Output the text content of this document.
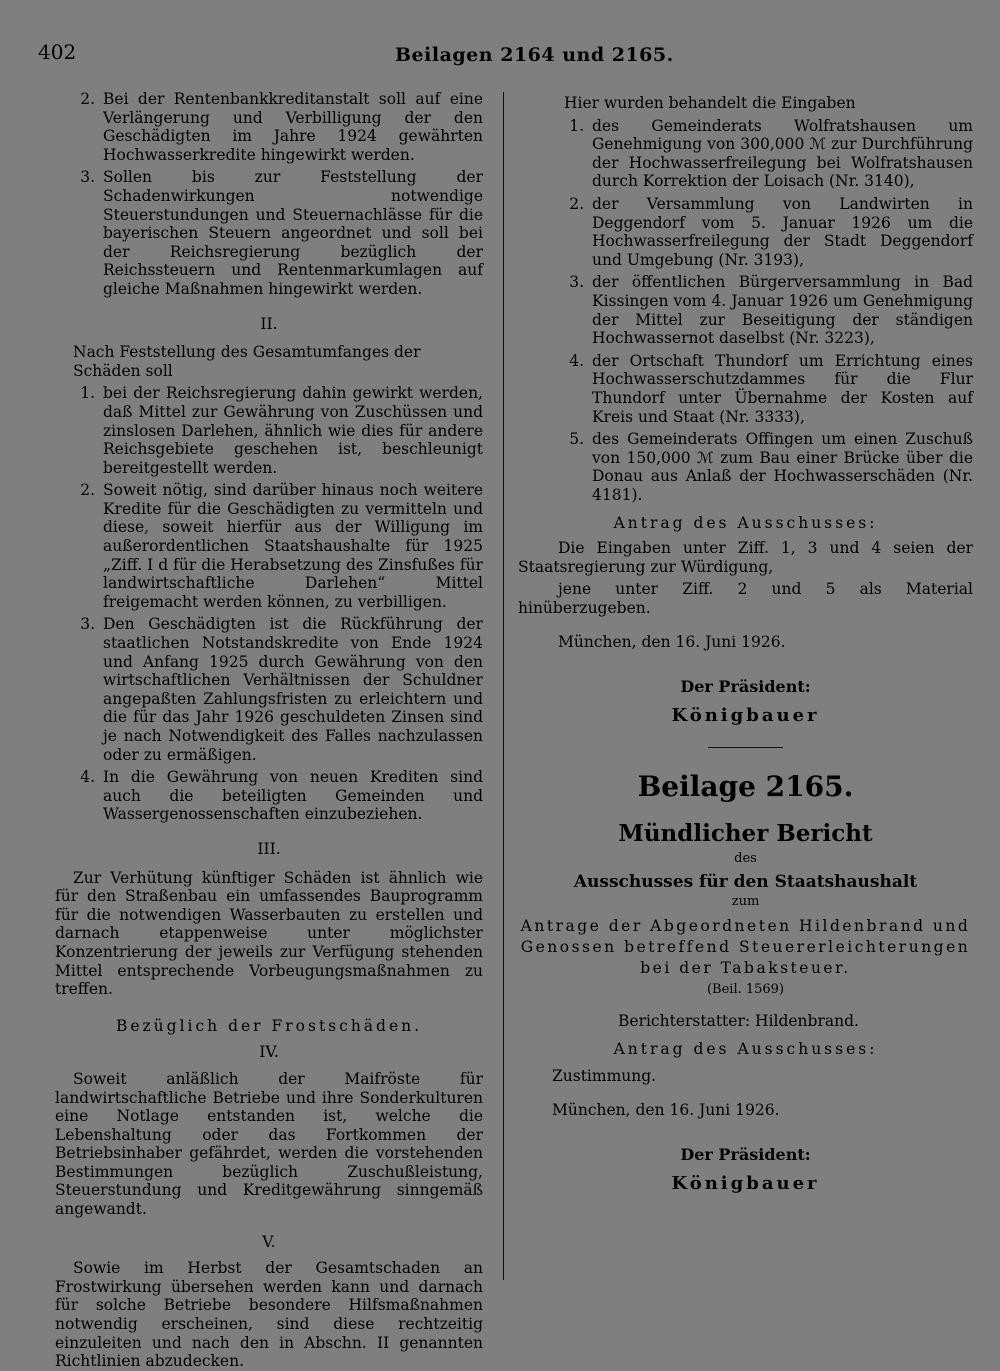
402	Beilagen 2164 und 2165.
2. Bei der Rentenbankkreditanstalt soll auf eine Verlängerung und Verbilligung der den Geschädigten im Jahre 1924 gewährten Hochwasserkredite hingewirkt werden.
3. Sollen bis zur Feststellung der Schadenwirkungen notwendige Steuerstundungen und Steuernachlässe für die bayerischen Steuern angeordnet und soll bei der Reichsregierung bezüglich der Reichssteuern und Rentenmarkumlagen auf gleiche Maßnahmen hingewirkt werden.
II.
Nach Feststellung des Gesamtumfanges der Schäden soll
1. bei der Reichsregierung dahin gewirkt werden, daß Mittel zur Gewährung von Zuschüssen und zinslosen Darlehen, ähnlich wie dies für andere Reichsgebiete geschehen ist, beschleunigt bereitgestellt werden.
2. Soweit nötig, sind darüber hinaus noch weitere Kredite für die Geschädigten zu vermitteln und diese, soweit hierfür aus der Willigung im außerordentlichen Staatshaushalte für 1925 „Ziff. I d für die Herabsetzung des Zinsfußes für landwirtschaftliche Darlehen“ Mittel freigemacht werden können, zu verbilligen.
3. Den Geschädigten ist die Rückführung der staatlichen Notstandskredite von Ende 1924 und Anfang 1925 durch Gewährung von den wirtschaftlichen Verhältnissen der Schuldner angepaßten Zahlungsfristen zu erleichtern und die für das Jahr 1926 geschuldeten Zinsen sind je nach Notwendigkeit des Falles nachzulassen oder zu ermäßigen.
4. In die Gewährung von neuen Krediten sind auch die beteiligten Gemeinden und Wassergenossenschaften einzubeziehen.
III.
Zur Verhütung künftiger Schäden ist ähnlich wie für den Straßenbau ein umfassendes Bauprogramm für die notwendigen Wasserbauten zu erstellen und darnach etappenweise unter möglichster Konzentrierung der jeweils zur Verfügung stehenden Mittel entsprechende Vorbeugungsmaßnahmen zu treffen.
Bezüglich der Frostschäden.
IV.
Soweit anläßlich der Maifröste für landwirtschaftliche Betriebe und ihre Sonderkulturen eine Notlage entstanden ist, welche die Lebenshaltung oder das Fortkommen der Betriebsinhaber gefährdet, werden die vorstehenden Bestimmungen bezüglich Zuschußleistung, Steuerstundung und Kreditgewährung sinngemäß angewandt.
V.
Sowie im Herbst der Gesamtschaden an Frostwirkung übersehen werden kann und darnach für solche Betriebe besondere Hilfsmaßnahmen notwendig erscheinen, sind diese rechtzeitig einzuleiten und nach den in Abschn. II genannten Richtlinien abzudecken.
Hier wurden behandelt die Eingaben
1. des Gemeinderats Wolfratshausen um Genehmigung von 300,000 ℳ zur Durchführung der Hochwasserfreilegung bei Wolfratshausen durch Korrektion der Loisach (Nr. 3140),
2. der Versammlung von Landwirten in Deggendorf vom 5. Januar 1926 um die Hochwasserfreilegung der Stadt Deggendorf und Umgebung (Nr. 3193),
3. der öffentlichen Bürgerversammlung in Bad Kissingen vom 4. Januar 1926 um Genehmigung der Mittel zur Beseitigung der ständigen Hochwassernot daselbst (Nr. 3223),
4. der Ortschaft Thundorf um Errichtung eines Hochwasserschutzdammes für die Flur Thundorf unter Übernahme der Kosten auf Kreis und Staat (Nr. 3333),
5. des Gemeinderats Offingen um einen Zuschuß von 150,000 ℳ zum Bau einer Brücke über die Donau aus Anlaß der Hochwasserschäden (Nr. 4181).
Antrag des Ausschusses:
Die Eingaben unter Ziff. 1, 3 und 4 seien der Staatsregierung zur Würdigung,
jene unter Ziff. 2 und 5 als Material hinüberzugeben.
München, den 16. Juni 1926.
Der Präsident:
Königbauer
Beilage 2165.
Mündlicher Bericht
des
Ausschusses für den Staatshaushalt
zum
Antrage der Abgeordneten Hildenbrand und Genossen betreffend Steuererleichterungen bei der Tabaksteuer.
(Beil. 1569)
Berichterstatter: Hildenbrand.
Antrag des Ausschusses:
Zustimmung.
München, den 16. Juni 1926.
Der Präsident:
Königbauer
